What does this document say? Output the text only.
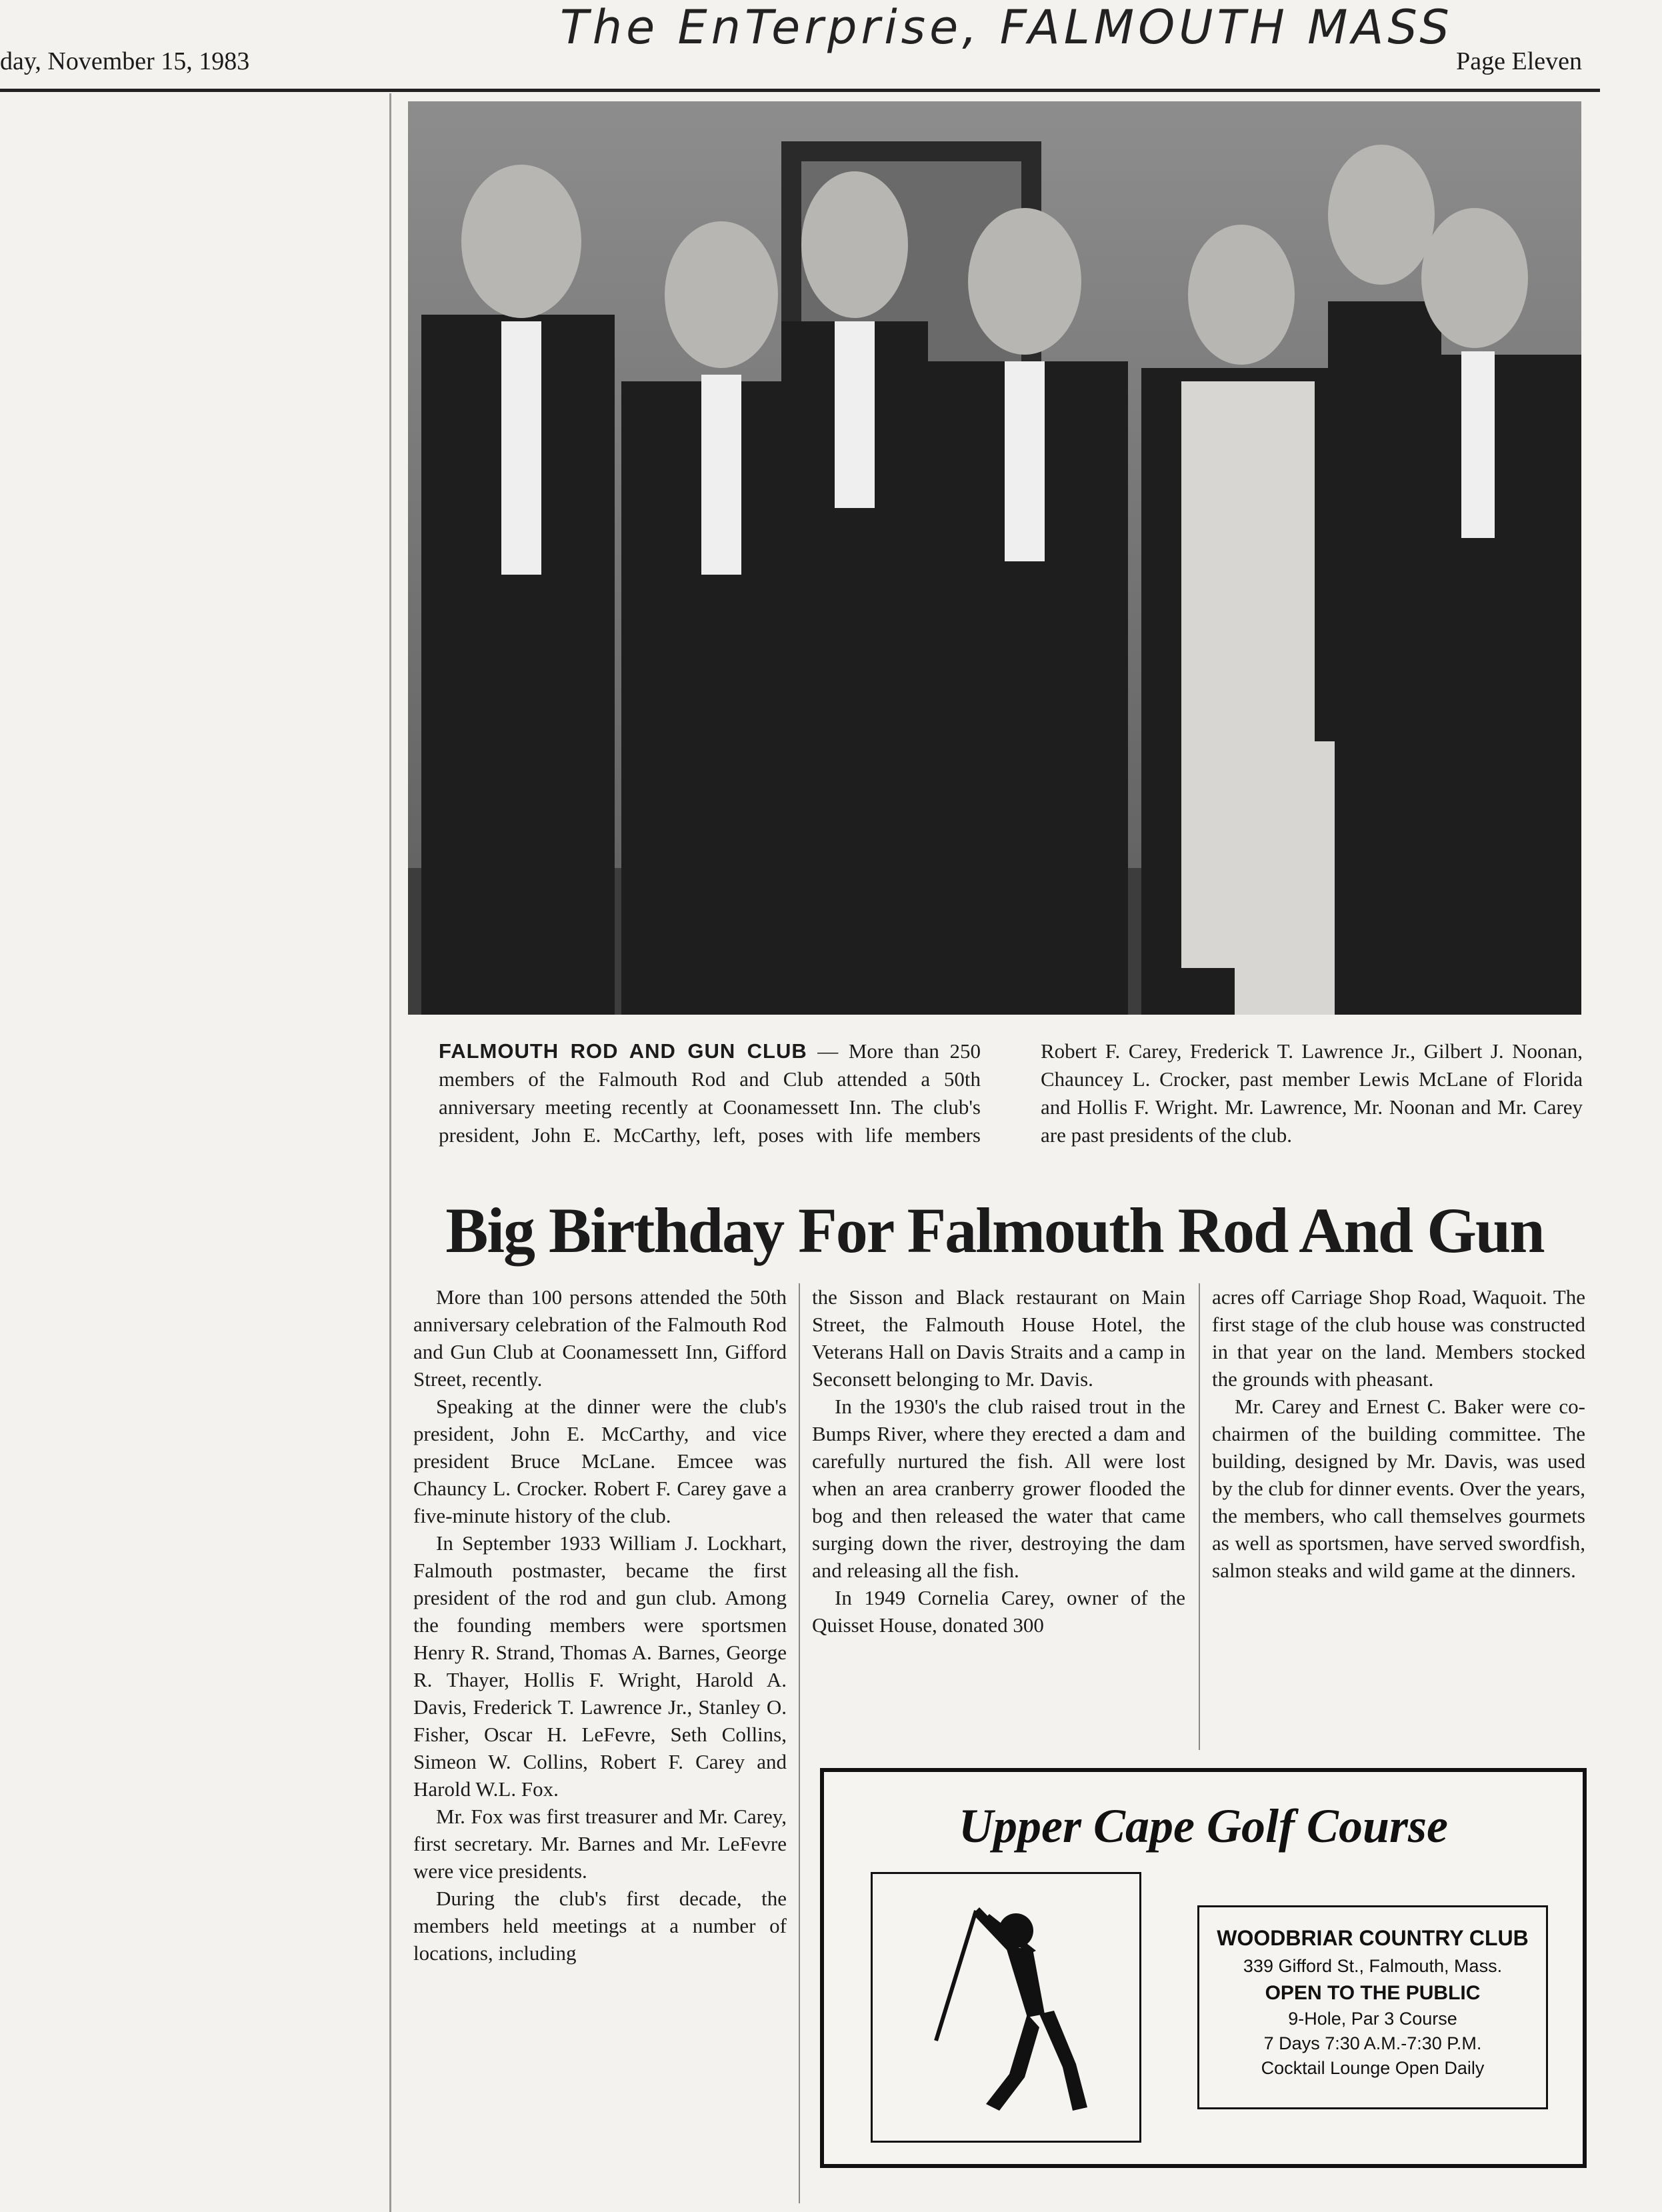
The EnTerprise, FALMOUTH MASS
day, November 15, 1983	Page Eleven
FALMOUTH ROD AND GUN CLUB — More than 250 members of the Falmouth Rod and Club attended a 50th anniversary meeting recently at Coonamessett Inn. The club's president, John E. McCarthy, left, poses with life members Robert F. Carey, Frederick T. Lawrence Jr., Gilbert J. Noonan, Chauncey L. Crocker, past member Lewis McLane of Florida and Hollis F. Wright. Mr. Lawrence, Mr. Noonan and Mr. Carey are past presidents of the club.
Big Birthday For Falmouth Rod And Gun

More than 100 persons attended the 50th anniversary celebration of the Falmouth Rod and Gun Club at Coonamessett Inn, Gifford Street, recently.

Speaking at the dinner were the club's president, John E. McCarthy, and vice president Bruce McLane. Emcee was Chauncy L. Crocker. Robert F. Carey gave a five-minute history of the club.

In September 1933 William J. Lockhart, Falmouth postmaster, became the first president of the rod and gun club. Among the founding members were sportsmen Henry R. Strand, Thomas A. Barnes, George R. Thayer, Hollis F. Wright, Harold A. Davis, Frederick T. Lawrence Jr., Stanley O. Fisher, Oscar H. LeFevre, Seth Collins, Simeon W. Collins, Robert F. Carey and Harold W.L. Fox.

Mr. Fox was first treasurer and Mr. Carey, first secretary. Mr. Barnes and Mr. LeFevre were vice presidents.

During the club's first decade, the members held meetings at a number of locations, including

the Sisson and Black restaurant on Main Street, the Falmouth House Hotel, the Veterans Hall on Davis Straits and a camp in Seconsett belonging to Mr. Davis.

In the 1930's the club raised trout in the Bumps River, where they erected a dam and carefully nurtured the fish. All were lost when an area cranberry grower flooded the bog and then released the water that came surging down the river, destroying the dam and releasing all the fish.

In 1949 Cornelia Carey, owner of the Quisset House, donated 300

acres off Carriage Shop Road, Waquoit. The first stage of the club house was constructed in that year on the land. Members stocked the grounds with pheasant.

Mr. Carey and Ernest C. Baker were co-chairmen of the building committee. The building, designed by Mr. Davis, was used by the club for dinner events. Over the years, the members, who call themselves gourmets as well as sportsmen, have served swordfish, salmon steaks and wild game at the dinners.

Upper Cape Golf Course
WOODBRIAR COUNTRY CLUB
339 Gifford St., Falmouth, Mass.
OPEN TO THE PUBLIC
9-Hole, Par 3 Course
7 Days 7:30 A.M.-7:30 P.M.
Cocktail Lounge Open Daily
